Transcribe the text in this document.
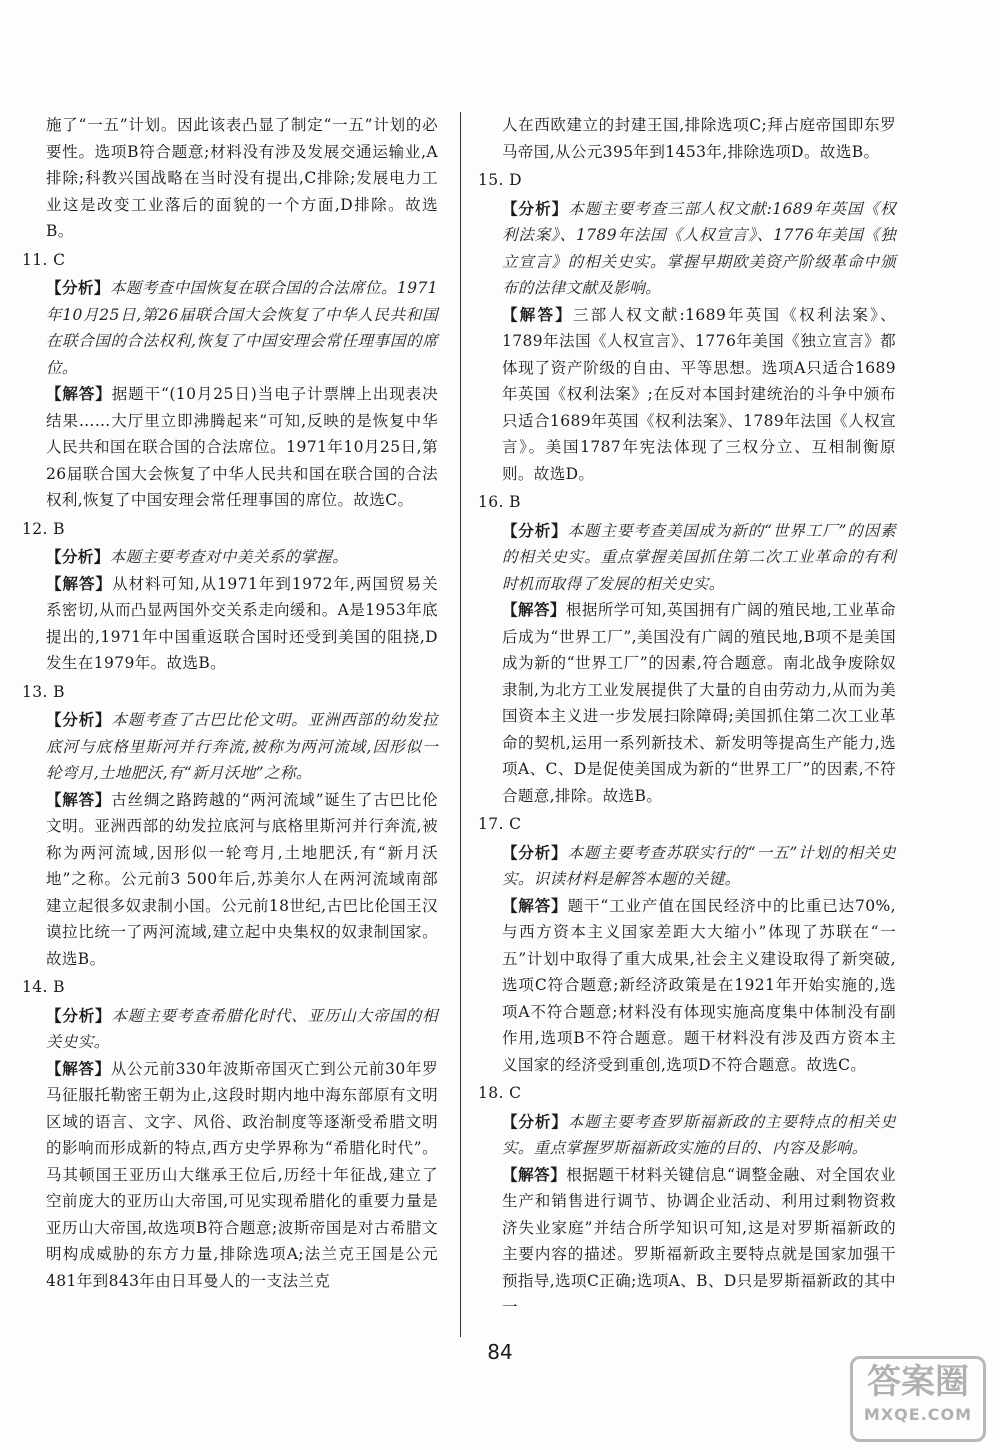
施了“一五”计划。因此该表凸显了制定“一五”计划的必要性。选项B符合题意;材料没有涉及发展交通运输业,A排除;科教兴国战略在当时没有提出,C排除;发展电力工业这是改变工业落后的面貌的一个方面,D排除。故选B。

11. C

【分析】本题考查中国恢复在联合国的合法席位。1971年10月25日,第26届联合国大会恢复了中华人民共和国在联合国的合法权利,恢复了中国安理会常任理事国的席位。

【解答】据题干“(10月25日)当电子计票牌上出现表决结果……大厅里立即沸腾起来”可知,反映的是恢复中华人民共和国在联合国的合法席位。1971年10月25日,第26届联合国大会恢复了中华人民共和国在联合国的合法权利,恢复了中国安理会常任理事国的席位。故选C。

12. B

【分析】本题主要考查对中美关系的掌握。

【解答】从材料可知,从1971年到1972年,两国贸易关系密切,从而凸显两国外交关系走向缓和。A是1953年底提出的,1971年中国重返联合国时还受到美国的阻挠,D发生在1979年。故选B。

13. B

【分析】本题考查了古巴比伦文明。亚洲西部的幼发拉底河与底格里斯河并行奔流,被称为两河流域,因形似一轮弯月,土地肥沃,有“新月沃地”之称。

【解答】古丝绸之路跨越的“两河流域”诞生了古巴比伦文明。亚洲西部的幼发拉底河与底格里斯河并行奔流,被称为两河流域,因形似一轮弯月,土地肥沃,有“新月沃地”之称。公元前3 500年后,苏美尔人在两河流域南部建立起很多奴隶制小国。公元前18世纪,古巴比伦国王汉谟拉比统一了两河流域,建立起中央集权的奴隶制国家。故选B。

14. B

【分析】本题主要考查希腊化时代、亚历山大帝国的相关史实。

【解答】从公元前330年波斯帝国灭亡到公元前30年罗马征服托勒密王朝为止,这段时期内地中海东部原有文明区域的语言、文字、风俗、政治制度等逐渐受希腊文明的影响而形成新的特点,西方史学界称为“希腊化时代”。马其顿国王亚历山大继承王位后,历经十年征战,建立了空前庞大的亚历山大帝国,可见实现希腊化的重要力量是亚历山大帝国,故选项B符合题意;波斯帝国是对古希腊文明构成威胁的东方力量,排除选项A;法兰克王国是公元481年到843年由日耳曼人的一支法兰克

人在西欧建立的封建王国,排除选项C;拜占庭帝国即东罗马帝国,从公元395年到1453年,排除选项D。故选B。

15. D

【分析】本题主要考查三部人权文献:1689年英国《权利法案》、1789年法国《人权宣言》、1776年美国《独立宣言》的相关史实。掌握早期欧美资产阶级革命中颁布的法律文献及影响。

【解答】三部人权文献:1689年英国《权利法案》、1789年法国《人权宣言》、1776年美国《独立宣言》都体现了资产阶级的自由、平等思想。选项A只适合1689年英国《权利法案》;在反对本国封建统治的斗争中颁布只适合1689年英国《权利法案》、1789年法国《人权宣言》。美国1787年宪法体现了三权分立、互相制衡原则。故选D。

16. B

【分析】本题主要考查美国成为新的“世界工厂”的因素的相关史实。重点掌握美国抓住第二次工业革命的有利时机而取得了发展的相关史实。

【解答】根据所学可知,英国拥有广阔的殖民地,工业革命后成为“世界工厂”,美国没有广阔的殖民地,B项不是美国成为新的“世界工厂”的因素,符合题意。南北战争废除奴隶制,为北方工业发展提供了大量的自由劳动力,从而为美国资本主义进一步发展扫除障碍;美国抓住第二次工业革命的契机,运用一系列新技术、新发明等提高生产能力,选项A、C、D是促使美国成为新的“世界工厂”的因素,不符合题意,排除。故选B。

17. C

【分析】本题主要考查苏联实行的“一五”计划的相关史实。识读材料是解答本题的关键。

【解答】题干“工业产值在国民经济中的比重已达70%,与西方资本主义国家差距大大缩小”体现了苏联在“一五”计划中取得了重大成果,社会主义建设取得了新突破,选项C符合题意;新经济政策是在1921年开始实施的,选项A不符合题意;材料没有体现实施高度集中体制没有副作用,选项B不符合题意。题干材料没有涉及西方资本主义国家的经济受到重创,选项D不符合题意。故选C。

18. C

【分析】本题主要考查罗斯福新政的主要特点的相关史实。重点掌握罗斯福新政实施的目的、内容及影响。

【解答】根据题干材料关键信息“调整金融、对全国农业生产和销售进行调节、协调企业活动、利用过剩物资救济失业家庭”并结合所学知识可知,这是对罗斯福新政的主要内容的描述。罗斯福新政主要特点就是国家加强干预指导,选项C正确;选项A、B、D只是罗斯福新政的其中一

84
答案圈
MXQE.COM
